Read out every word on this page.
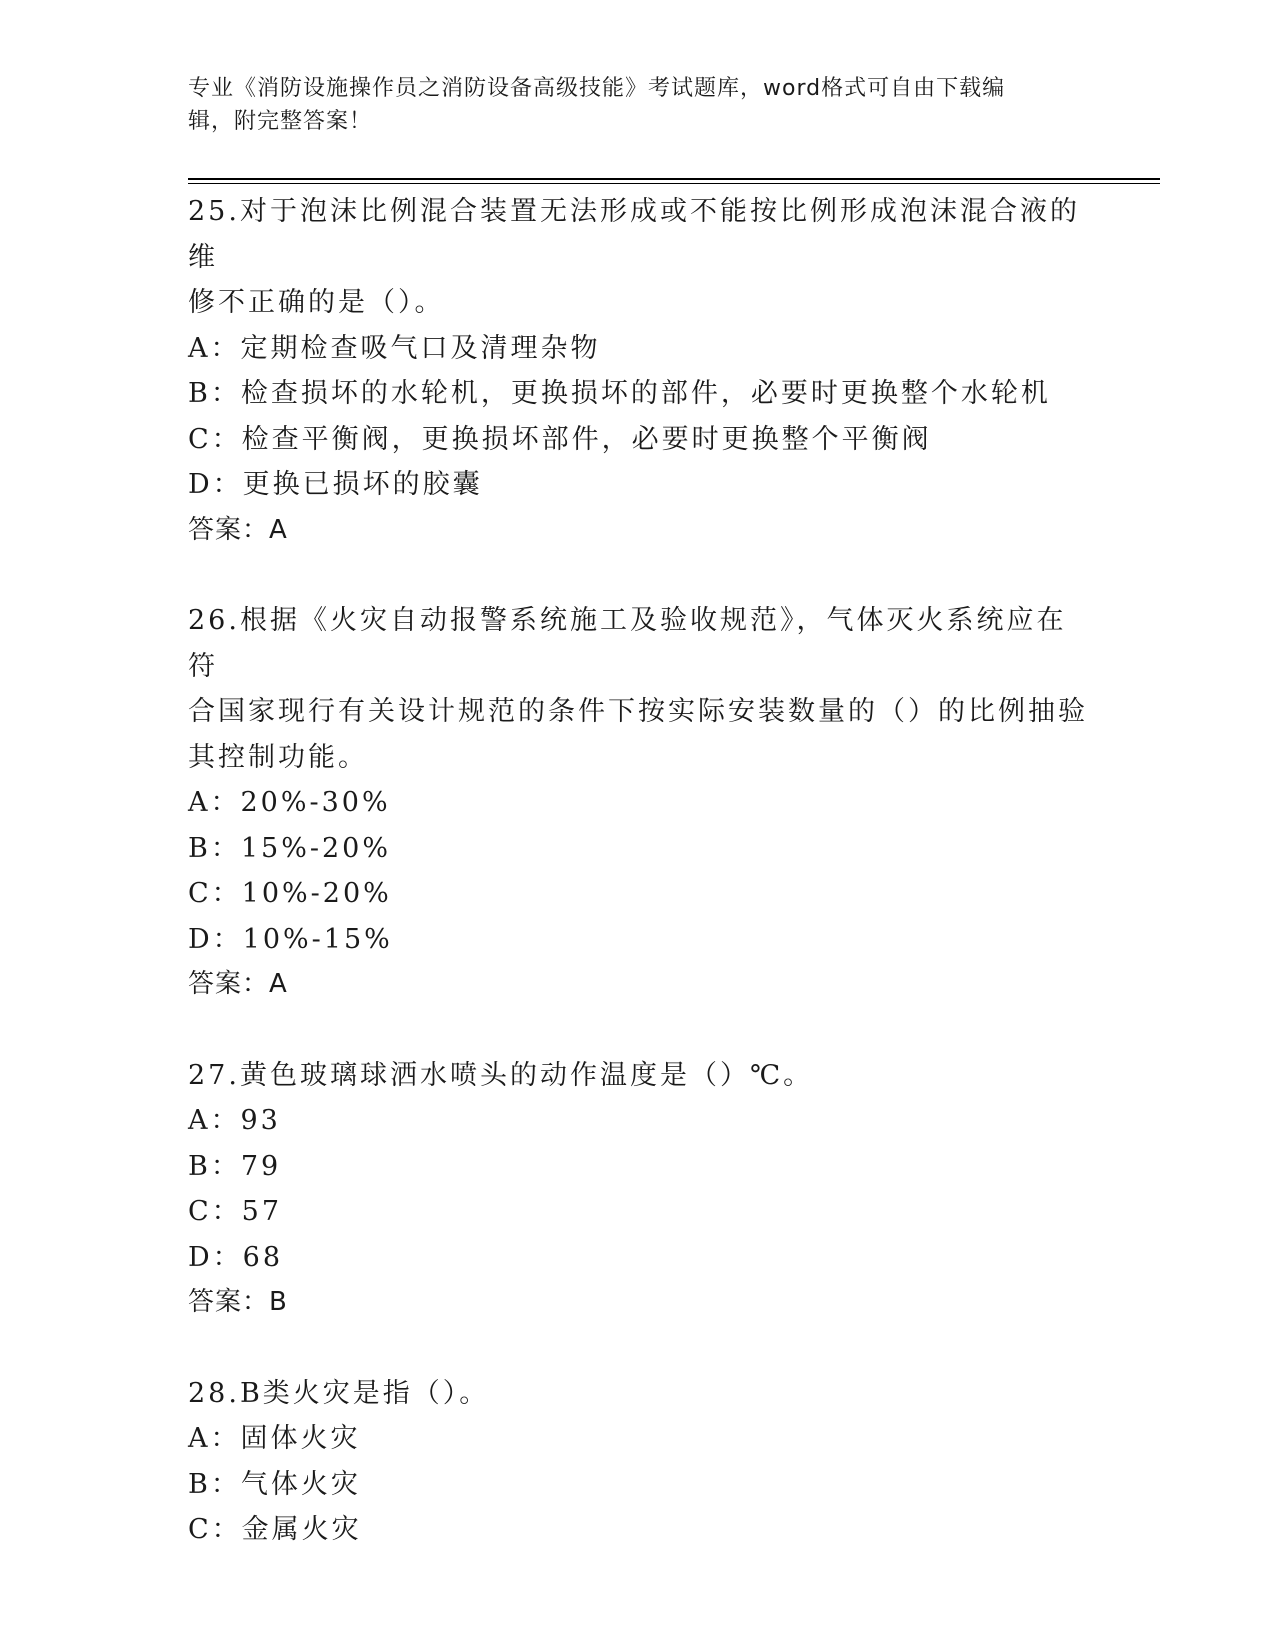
专业《消防设施操作员之消防设备高级技能》考试题库，word格式可自由下载编
辑，附完整答案！

25.对于泡沫比例混合装置无法形成或不能按比例形成泡沫混合液的维

修不正确的是（）。

A：定期检查吸气口及清理杂物

B：检查损坏的水轮机，更换损坏的部件，必要时更换整个水轮机

C：检查平衡阀，更换损坏部件，必要时更换整个平衡阀

D：更换已损坏的胶囊

答案：A

26.根据《火灾自动报警系统施工及验收规范》，气体灭火系统应在符

合国家现行有关设计规范的条件下按实际安装数量的（）的比例抽验

其控制功能。

A：20%-30%

B：15%-20%

C：10%-20%

D：10%-15%

答案：A

27.黄色玻璃球洒水喷头的动作温度是（）℃。

A：93

B：79

C：57

D：68

答案：B

28.B类火灾是指（）。

A：固体火灾

B：气体火灾

C：金属火灾
